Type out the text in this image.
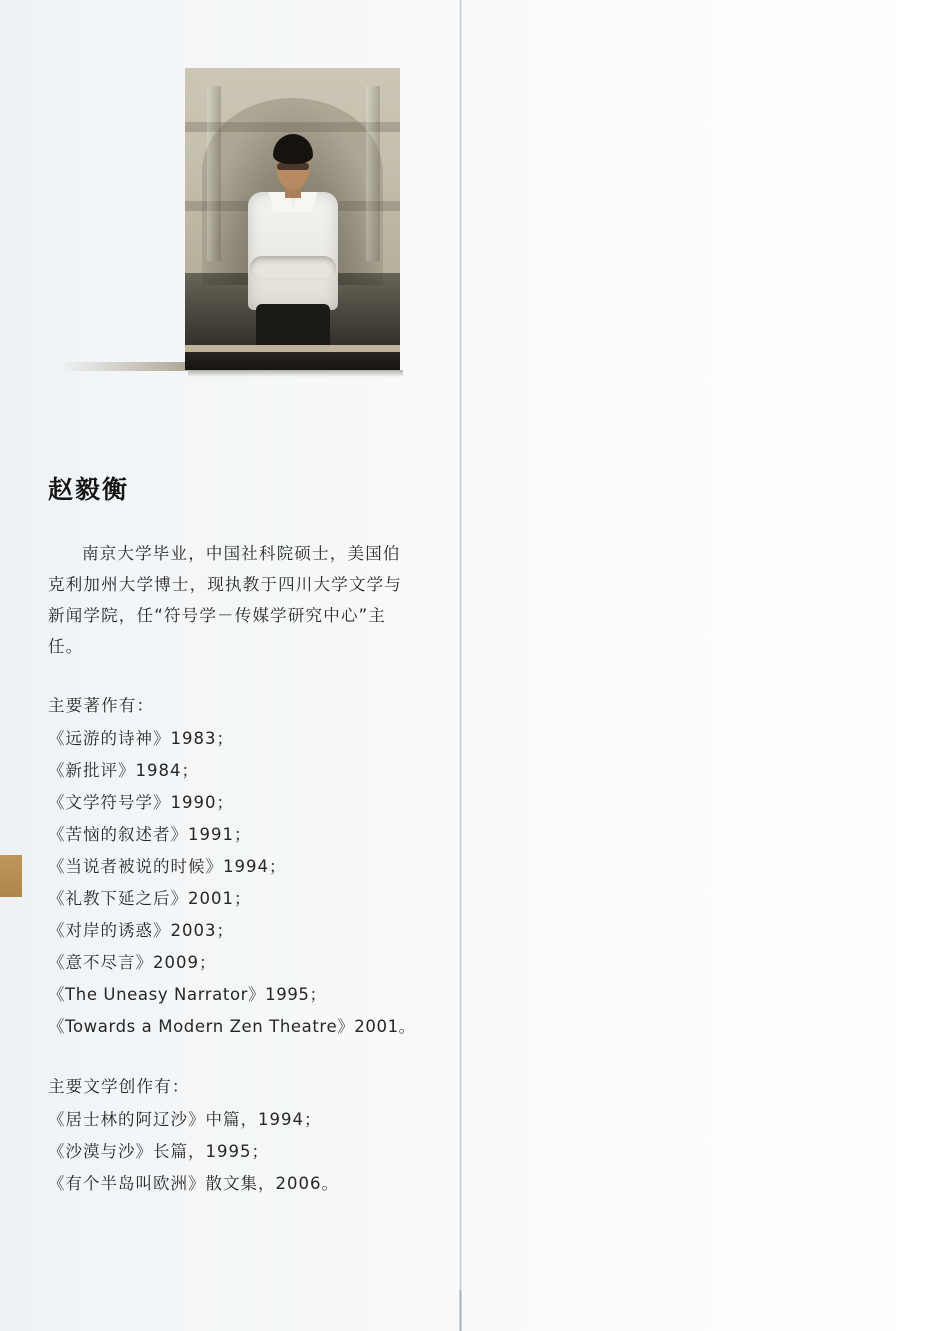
赵毅衡

南京大学毕业，中国社科院硕士，美国伯克利加州大学博士，现执教于四川大学文学与新闻学院，任“符号学－传媒学研究中心”主任。

主要著作有：
《远游的诗神》1983；
《新批评》1984；
《文学符号学》1990；
《苦恼的叙述者》1991；
《当说者被说的时候》1994；
《礼教下延之后》2001；
《对岸的诱惑》2003；
《意不尽言》2009；
《The Uneasy Narrator》1995；
《Towards a Modern Zen Theatre》2001。
主要文学创作有：
《居士林的阿辽沙》中篇，1994；
《沙漠与沙》长篇，1995；
《有个半岛叫欧洲》散文集，2006。
